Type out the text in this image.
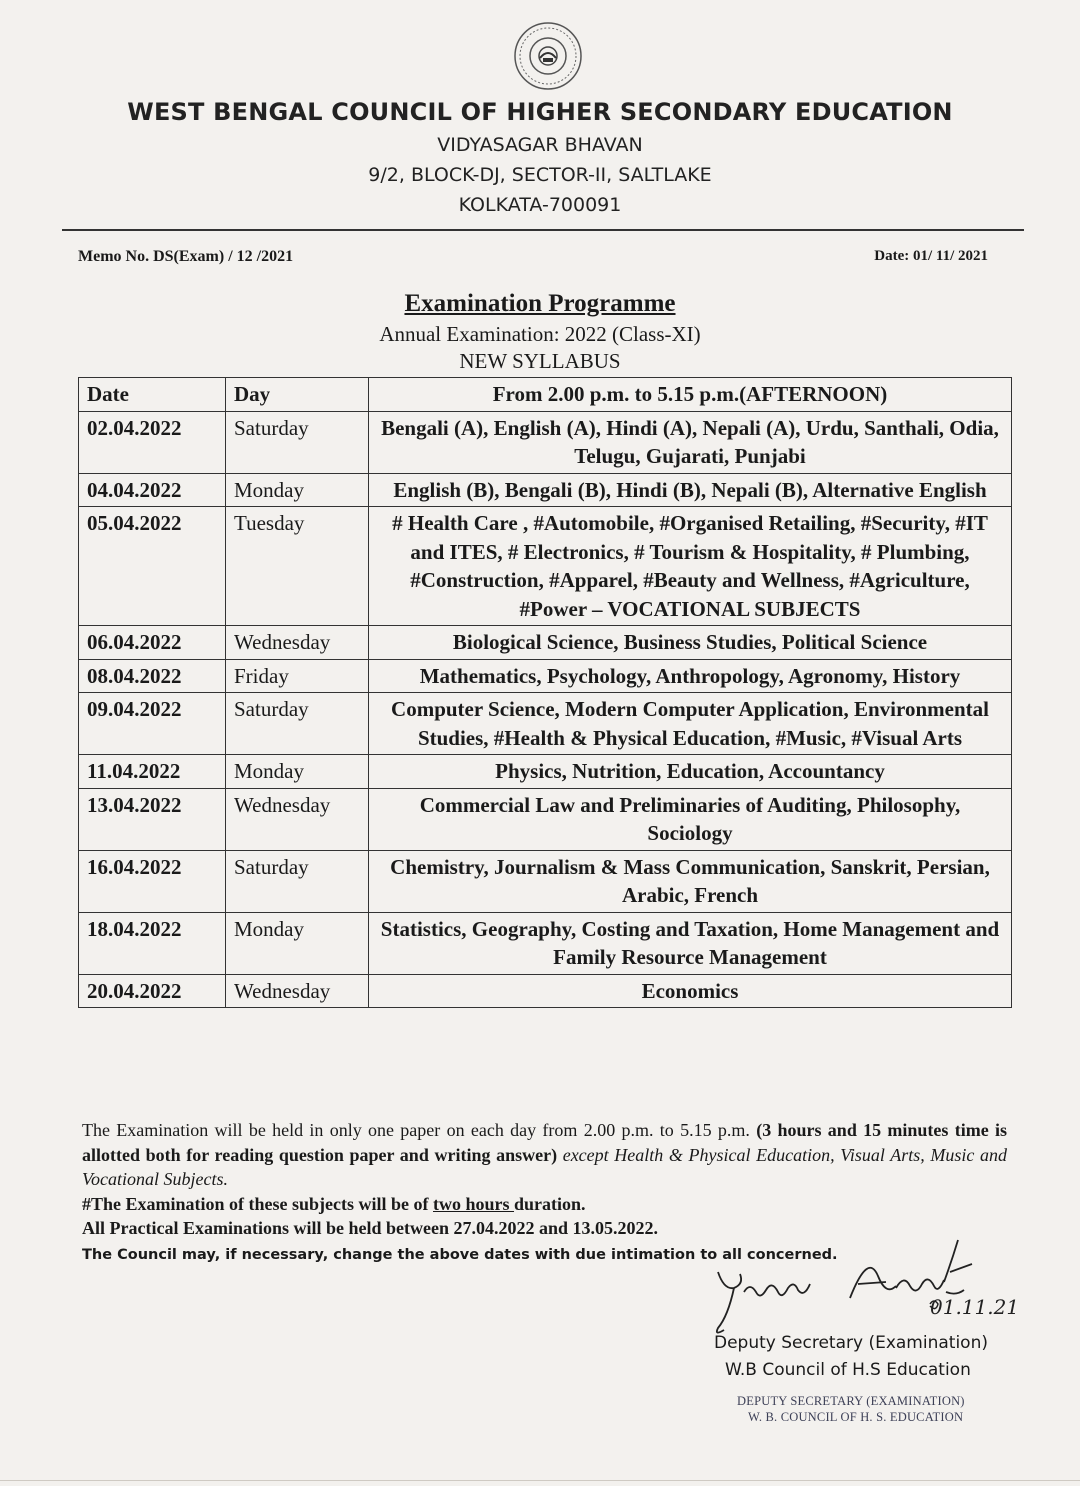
WEST BENGAL COUNCIL OF HIGHER SECONDARY EDUCATION
VIDYASAGAR BHAVAN
9/2, BLOCK-DJ, SECTOR-II, SALTLAKE
KOLKATA-700091
Memo No. DS(Exam) / 12 /2021	Date: 01/ 11/ 2021
Examination Programme
Annual Examination: 2022 (Class-XI)
NEW SYLLABUS
Date	Day	From 2.00 p.m. to 5.15 p.m.(AFTERNOON)
02.04.2022	Saturday	Bengali (A), English (A), Hindi (A), Nepali (A), Urdu, Santhali, Odia, Telugu, Gujarati, Punjabi
04.04.2022	Monday	English (B), Bengali (B), Hindi (B), Nepali (B), Alternative English
05.04.2022	Tuesday	# Health Care , #Automobile, #Organised Retailing, #Security, #IT and ITES, # Electronics, # Tourism & Hospitality, # Plumbing, #Construction, #Apparel, #Beauty and Wellness, #Agriculture, #Power – VOCATIONAL SUBJECTS
06.04.2022	Wednesday	Biological Science, Business Studies, Political Science
08.04.2022	Friday	Mathematics, Psychology, Anthropology, Agronomy, History
09.04.2022	Saturday	Computer Science, Modern Computer Application, Environmental Studies, #Health & Physical Education, #Music, #Visual Arts
11.04.2022	Monday	Physics, Nutrition, Education, Accountancy
13.04.2022	Wednesday	Commercial Law and Preliminaries of Auditing, Philosophy, Sociology
16.04.2022	Saturday	Chemistry, Journalism & Mass Communication, Sanskrit, Persian, Arabic, French
18.04.2022	Monday	Statistics, Geography, Costing and Taxation, Home Management and Family Resource Management
20.04.2022	Wednesday	Economics
The Examination will be held in only one paper on each day from 2.00 p.m. to 5.15 p.m. (3 hours and 15 minutes time is allotted both for reading question paper and writing answer) except Health & Physical Education, Visual Arts, Music and Vocational Subjects.
#The Examination of these subjects will be of two hours duration.
All Practical Examinations will be held between 27.04.2022 and 13.05.2022.
The Council may, if necessary, change the above dates with due intimation to all concerned.
01.11.21
Deputy Secretary (Examination)
W.B Council of H.S Education
DEPUTY SECRETARY (EXAMINATION)
W. B. COUNCIL OF H. S. EDUCATION
